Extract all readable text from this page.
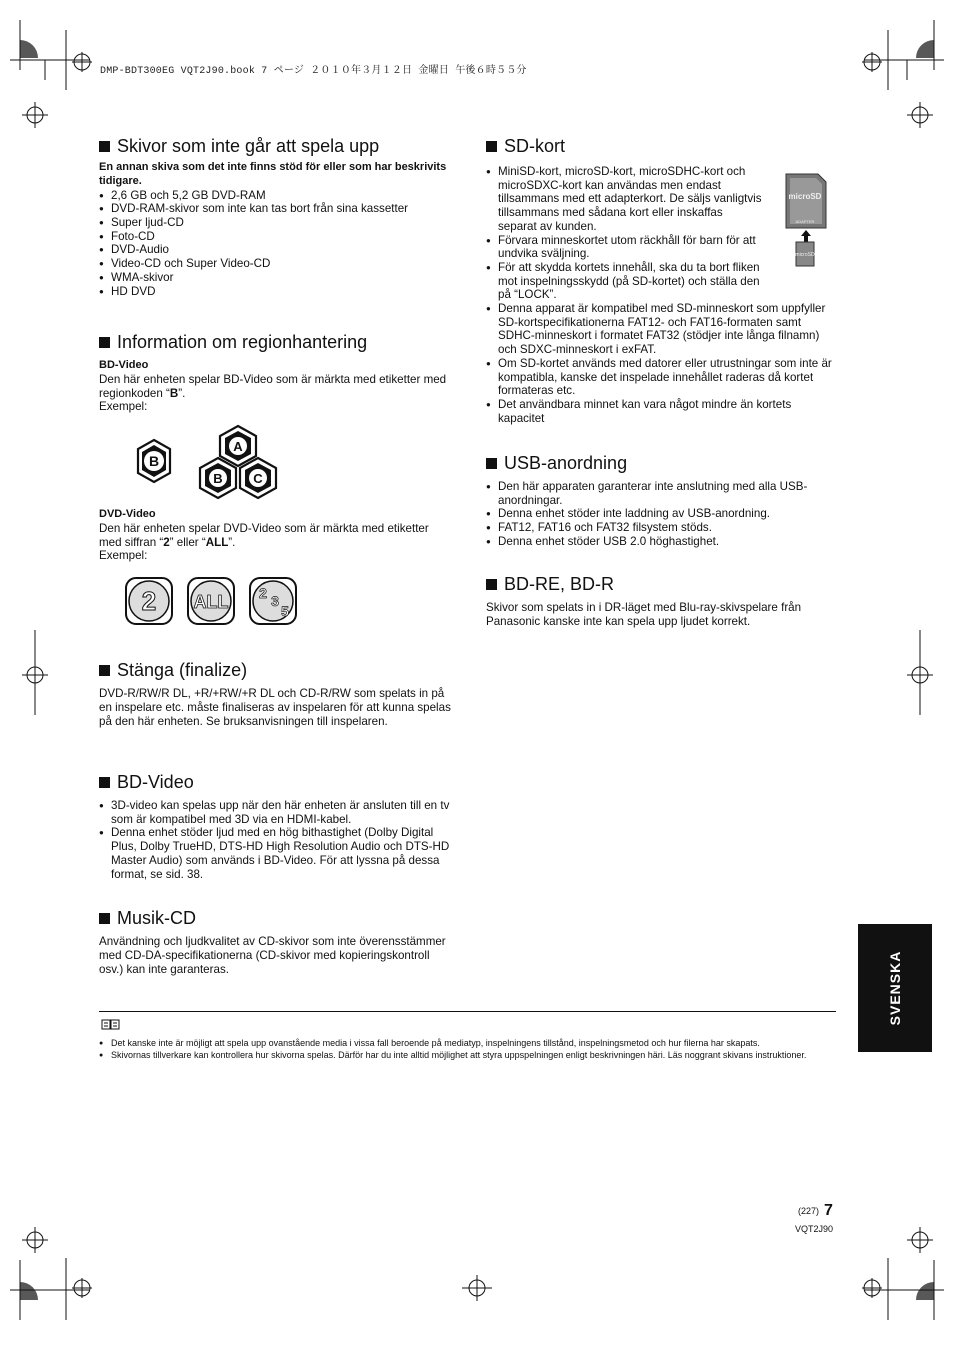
DMP-BDT300EG VQT2J90.book 7 ページ ２０１０年３月１２日 金曜日 午後６時５５分
Skivor som inte går att spela upp

En annan skiva som det inte finns stöd för eller som har beskrivits tidigare.

● 2,6 GB och 5,2 GB DVD-RAM
● DVD-RAM-skivor som inte kan tas bort från sina kassetter
● Super ljud-CD
● Foto-CD
● DVD-Audio
● Video-CD och Super Video-CD
● WMA-skivor
● HD DVD
Information om regionhantering

BD-Video

Den här enheten spelar BD-Video som är märkta med etiketter med regionkoden “B”.

Exempel:

B
A
B C

DVD-Video

Den här enheten spelar DVD-Video som är märkta med etiketter med siffran “2” eller “ALL”.

Exempel:

2 ALL 2 3
5
Stänga (finalize)

DVD-R/RW/R DL, +R/+RW/+R DL och CD-R/RW som spelats in på en inspelare etc. måste finaliseras av inspelaren för att kunna spelas på den här enheten. Se bruksanvisningen till inspelaren.

BD-Video
● 3D-video kan spelas upp när den här enheten är ansluten till en tv som är kompatibel med 3D via en HDMI-kabel.
● Denna enhet stöder ljud med en hög bithastighet (Dolby Digital Plus, Dolby TrueHD, DTS-HD High Resolution Audio och DTS-HD Master Audio) som används i BD-Video. För att lyssna på dessa format, se sid. 38.
Musik-CD

Användning och ljudkvalitet av CD-skivor som inte överensstämmer med CD-DA-specifikationerna (CD-skivor med kopieringskontroll osv.) kan inte garanteras.

SD-kort
● MiniSD-kort, microSD-kort, microSDHC-kort och microSDXC-kort kan användas men endast tillsammans med ett adapterkort. De säljs vanligtvis tillsammans med sådana kort eller inskaffas separat av kunden.
● Förvara minneskortet utom räckhåll för barn för att undvika sväljning.
● För att skydda kortets innehåll, ska du ta bort fliken mot inspelningsskydd (på SD-kortet) och ställa den på “LOCK”.
● Denna apparat är kompatibel med SD-minneskort som uppfyller SD-kortspecifikationerna FAT12- och FAT16-formaten samt SDHC-minneskort i formatet FAT32 (stödjer inte långa filnamn) och SDXC-minneskort i exFAT.
● Om SD-kortet används med datorer eller utrustningar som inte är kompatibla, kanske det inspelade innehållet raderas då kortet formateras etc.
● Det användbara minnet kan vara något mindre än kortets kapacitet
microSD
ADAPTER
microSD
USB-anordning
● Den här apparaten garanterar inte anslutning med alla USB-anordningar.
● Denna enhet stöder inte laddning av USB-anordning.
● FAT12, FAT16 och FAT32 filsystem stöds.
● Denna enhet stöder USB 2.0 höghastighet.
BD-RE, BD-R

Skivor som spelats in i DR-läget med Blu-ray-skivspelare från Panasonic kanske inte kan spela upp ljudet korrekt.

SVENSKA
● Det kanske inte är möjligt att spela upp ovanstående media i vissa fall beroende på mediatyp, inspelningens tillstånd, inspelningsmetod och hur filerna har skapats.
● Skivornas tillverkare kan kontrollera hur skivorna spelas. Därför har du inte alltid möjlighet att styra uppspelningen enligt beskrivningen häri. Läs noggrant skivans instruktioner.
(227) 7
VQT2J90
